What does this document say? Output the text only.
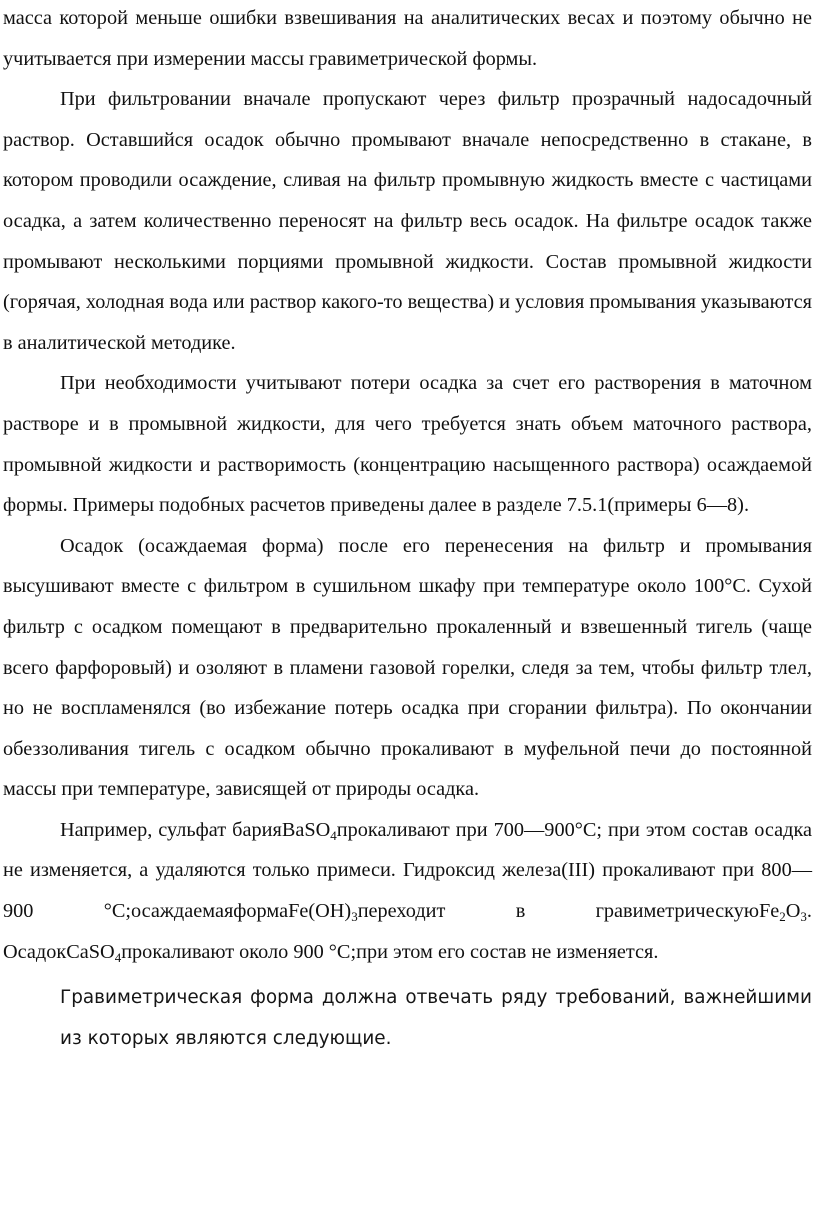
масса которой меньше ошибки взвешивания на аналитических весах и поэтому обычно не учитывается при измерении массы гравиметрической формы.

При фильтровании вначале пропускают через фильтр прозрачный надосадочный раствор. Оставшийся осадок обычно промывают вначале непосредственно в стакане, в котором проводили осаждение, сливая на фильтр промывную жидкость вместе с частицами осадка, а затем количественно переносят на фильтр весь осадок. На фильтре осадок также промывают несколькими порциями промывной жидкости. Состав промывной жидкости (горячая, холодная вода или раствор какого-то вещества) и условия промывания указываются в аналитической методике.

При необходимости учитывают потери осадка за счет его растворения в маточном растворе и в промывной жидкости, для чего требуется знать объем маточного раствора, промывной жидкости и растворимость (концентрацию насыщенного раствора) осаждаемой формы. Примеры подобных расчетов приведены далее в разделе 7.5.1(примеры 6—8).

Осадок (осаждаемая форма) после его перенесения на фильтр и промывания высушивают вместе с фильтром в сушильном шкафу при температуре около 100°С. Сухой фильтр с осадком помещают в предварительно прокаленный и взвешенный тигель (чаще всего фарфоровый) и озоляют в пламени газовой горелки, следя за тем, чтобы фильтр тлел, но не воспламенялся (во избежание потерь осадка при сгорании фильтра). По окончании обеззоливания тигель с осадком обычно прокаливают в муфельной печи до постоянной массы при температуре, зависящей от природы осадка.

Например, сульфат барияBaSO$_4$прокаливают при 700—900°С; при этом состав осадка не изменяется, а удаляются только примеси. Гидроксид железа(III) прокаливают при 800—900 $^\circ С;осаждаемаяформаFe(OH)_3переходит$ в $гравиметрическуюFe_2O_3$. ОсадокCaSO$_4$прокаливают около 900 °С;при этом его состав не изменяется.

Гравиметрическая форма должна отвечать ряду требований, важнейшими из которых являются следующие.
